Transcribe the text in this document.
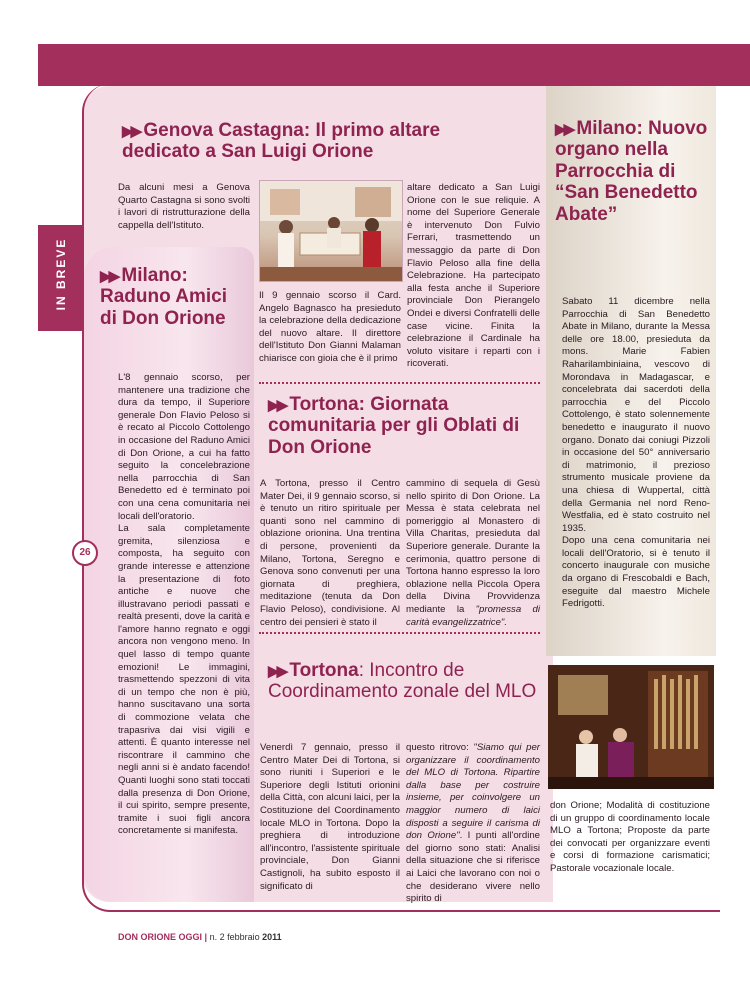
IN BREVE
26
▶▶ Genova Castagna: Il primo altare dedicato a San Luigi Orione

Da alcuni mesi a Genova Quarto Castagna si sono svolti i lavori di ristrutturazione della cappella dell'Istituto.

Il 9 gennaio scorso il Card. Angelo Bagnasco ha presieduto la celebrazione della dedicazione del nuovo altare. Il direttore dell'Istituto Don Gianni Malaman chiarisce con gioia che è il primo

altare dedicato a San Luigi Orione con le sue reliquie. A nome del Superiore Generale è intervenuto Don Fulvio Ferrari, trasmettendo un messaggio da parte di Don Flavio Peloso alla fine della Celebrazione. Ha partecipato alla festa anche il Superiore provinciale Don Pierangelo Ondei e diversi Confratelli delle case vicine. Finita la celebrazione il Cardinale ha voluto visitare i reparti con i ricoverati.

▶▶ Milano: Raduno Amici di Don Orione

L'8 gennaio scorso, per mantenere una tradizione che dura da tempo, il Superiore generale Don Flavio Peloso si è recato al Piccolo Cottolengo in occasione del Raduno Amici di Don Orione, a cui ha fatto seguito la concelebrazione nella parrocchia di San Benedetto ed è terminato poi con una cena comunitaria nei locali dell'oratorio.

La sala completamente gremita, silenziosa e composta, ha seguito con grande interesse e attenzione la presentazione di foto antiche e nuove che illustravano periodi passati e realtà presenti, dove la carità e l'amore hanno regnato e oggi ancora non vengono meno. In quel lasso di tempo quante emozioni! Le immagini, trasmettendo spezzoni di vita di un tempo che non è più, hanno suscitavano una sorta di commozione velata che trapasriva dai visi vigili e attenti. È quanto interesse nel riscontrare il cammino che negli anni si è andato facendo! Quanti luoghi sono stati toccati dalla presenza di Don Orione, il cui spirito, sempre presente, tramite i suoi figli ancora concretamente si manifesta.

▶▶ Tortona: Giornata comunitaria per gli Oblati di Don Orione

A Tortona, presso il Centro Mater Dei, il 9 gennaio scorso, si è tenuto un ritiro spirituale per quanti sono nel cammino di oblazione orionina. Una trentina di persone, provenienti da Milano, Tortona, Seregno e Genova sono convenuti per una giornata di preghiera, meditazione (tenuta da Don Flavio Peloso), condivisione. Al centro dei pensieri è stato il

cammino di sequela di Gesù nello spirito di Don Orione. La Messa è stata celebrata nel pomeriggio al Monastero di Villa Charitas, presieduta dal Superiore generale. Durante la cerimonia, quattro persone di Tortona hanno espresso la loro oblazione nella Piccola Opera della Divina Provvidenza mediante la "promessa di carità evangelizzatrice".

▶▶ Tortona: Incontro de Coordinamento zonale del MLO

Venerdì 7 gennaio, presso il Centro Mater Dei di Tortona, si sono riuniti i Superiori e le Superiore degli Istituti orionini della Città, con alcuni laici, per la Costituzione del Coordinamento locale MLO in Tortona. Dopo la preghiera di introduzione all'incontro, l'assistente spirituale provinciale, Don Gianni Castignoli, ha subito esposto il significato di

questo ritrovo: "Siamo qui per organizzare il coordinamento del MLO di Tortona. Ripartire dalla base per costruire insieme, per coinvolgere un maggior numero di laici disposti a seguire il carisma di don Orione". I punti all'ordine del giorno sono stati: Analisi della situazione che si riferisce ai Laici che lavorano con noi o che desiderano vivere nello spirito di

don Orione; Modalità di costituzione di un gruppo di coordinamento locale MLO a Tortona; Proposte da parte dei convocati per organizzare eventi e corsi di formazione carismatici; Pastorale vocazionale locale.

▶▶ Milano: Nuovo organo nella Parrocchia di “San Benedetto Abate”

Sabato 11 dicembre nella Parrocchia di San Benedetto Abate in Milano, durante la Messa delle ore 18.00, presieduta da mons. Marie Fabien Raharilambiniaina, vescovo di Morondava in Madagascar, e concelebrata dai sacerdoti della parrocchia e del Piccolo Cottolengo, è stato solennemente benedetto e inaugurato il nuovo organo. Donato dai coniugi Pizzoli in occasione del 50° anniversario di matrimonio, il prezioso strumento musicale proviene da una chiesa di Wuppertal, città della Germania nel nord Reno-Westfalia, ed è stato costruito nel 1935.

Dopo una cena comunitaria nei locali dell'Oratorio, si è tenuto il concerto inaugurale con musiche da organo di Frescobaldi e Bach, eseguite dal maestro Michele Fedrigotti.

DON ORIONE OGGI | n. 2 febbraio 2011
